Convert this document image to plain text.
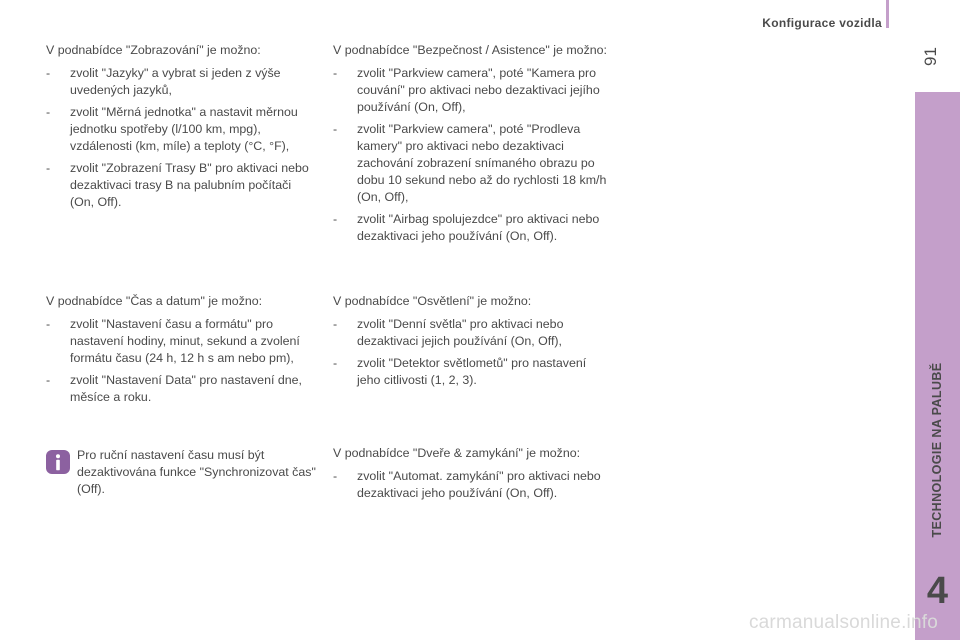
Konfigurace vozidla
91
TECHNOLOGIE NA PALUBĚ
4

V podnabídce "Zobrazování" je možno:

- zvolit "Jazyky" a vybrat si jeden z výše uvedených jazyků,
- zvolit "Měrná jednotka" a nastavit měrnou jednotku spotřeby (l/100 km, mpg), vzdálenosti (km, míle) a teploty (°C, °F),
- zvolit "Zobrazení Trasy B" pro aktivaci nebo dezaktivaci trasy B na palubním počítači (On, Off).

V podnabídce "Čas a datum" je možno:

- zvolit "Nastavení času a formátu" pro nastavení hodiny, minut, sekund a zvolení formátu času (24 h, 12 h s am nebo pm),
- zvolit "Nastavení Data" pro nastavení dne, měsíce a roku.
Pro ruční nastavení času musí být dezaktivována funkce "Synchronizovat čas" (Off).

V podnabídce "Bezpečnost / Asistence" je možno:

- zvolit "Parkview camera", poté "Kamera pro couvání" pro aktivaci nebo dezaktivaci jejího používání (On, Off),
- zvolit "Parkview camera", poté "Prodleva kamery" pro aktivaci nebo dezaktivaci zachování zobrazení snímaného obrazu po dobu 10 sekund nebo až do rychlosti 18 km/h (On, Off),
- zvolit "Airbag spolujezdce" pro aktivaci nebo dezaktivaci jeho používání (On, Off).

V podnabídce "Osvětlení" je možno:

- zvolit "Denní světla" pro aktivaci nebo dezaktivaci jejich používání (On, Off),
- zvolit "Detektor světlometů" pro nastavení jeho citlivosti (1, 2, 3).

V podnabídce "Dveře & zamykání" je možno:

- zvolit "Automat. zamykání" pro aktivaci nebo dezaktivaci jeho používání (On, Off).
carmanualsonline.info
